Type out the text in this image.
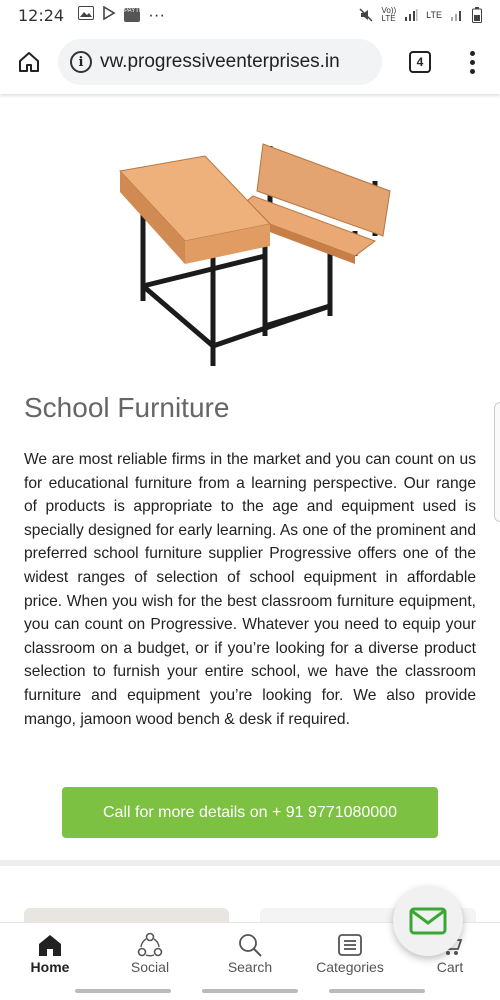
12:24	PAYTM ···	Vo))
LTE	LTE
i vw.progressiveenterprises.in	4
School Furniture

We are most reliable firms in the market and you can count on us for educational furniture from a learning perspective. Our range of products is appropriate to the age and equipment used is specially designed for early learning. As one of the prominent and preferred school furniture supplier Progressive offers one of the widest ranges of selection of school equipment in affordable price. When you wish for the best classroom furniture equipment, you can count on Progressive. Whatever you need to equip your classroom on a budget, or if you’re looking for a diverse product selection to furnish your entire school, we have the classroom furniture and equipment you’re looking for. We also provide mango, jamoon wood bench & desk if required.

Call for more details on + 91 9771080000
Home	Social	Search	Categories	Cart
